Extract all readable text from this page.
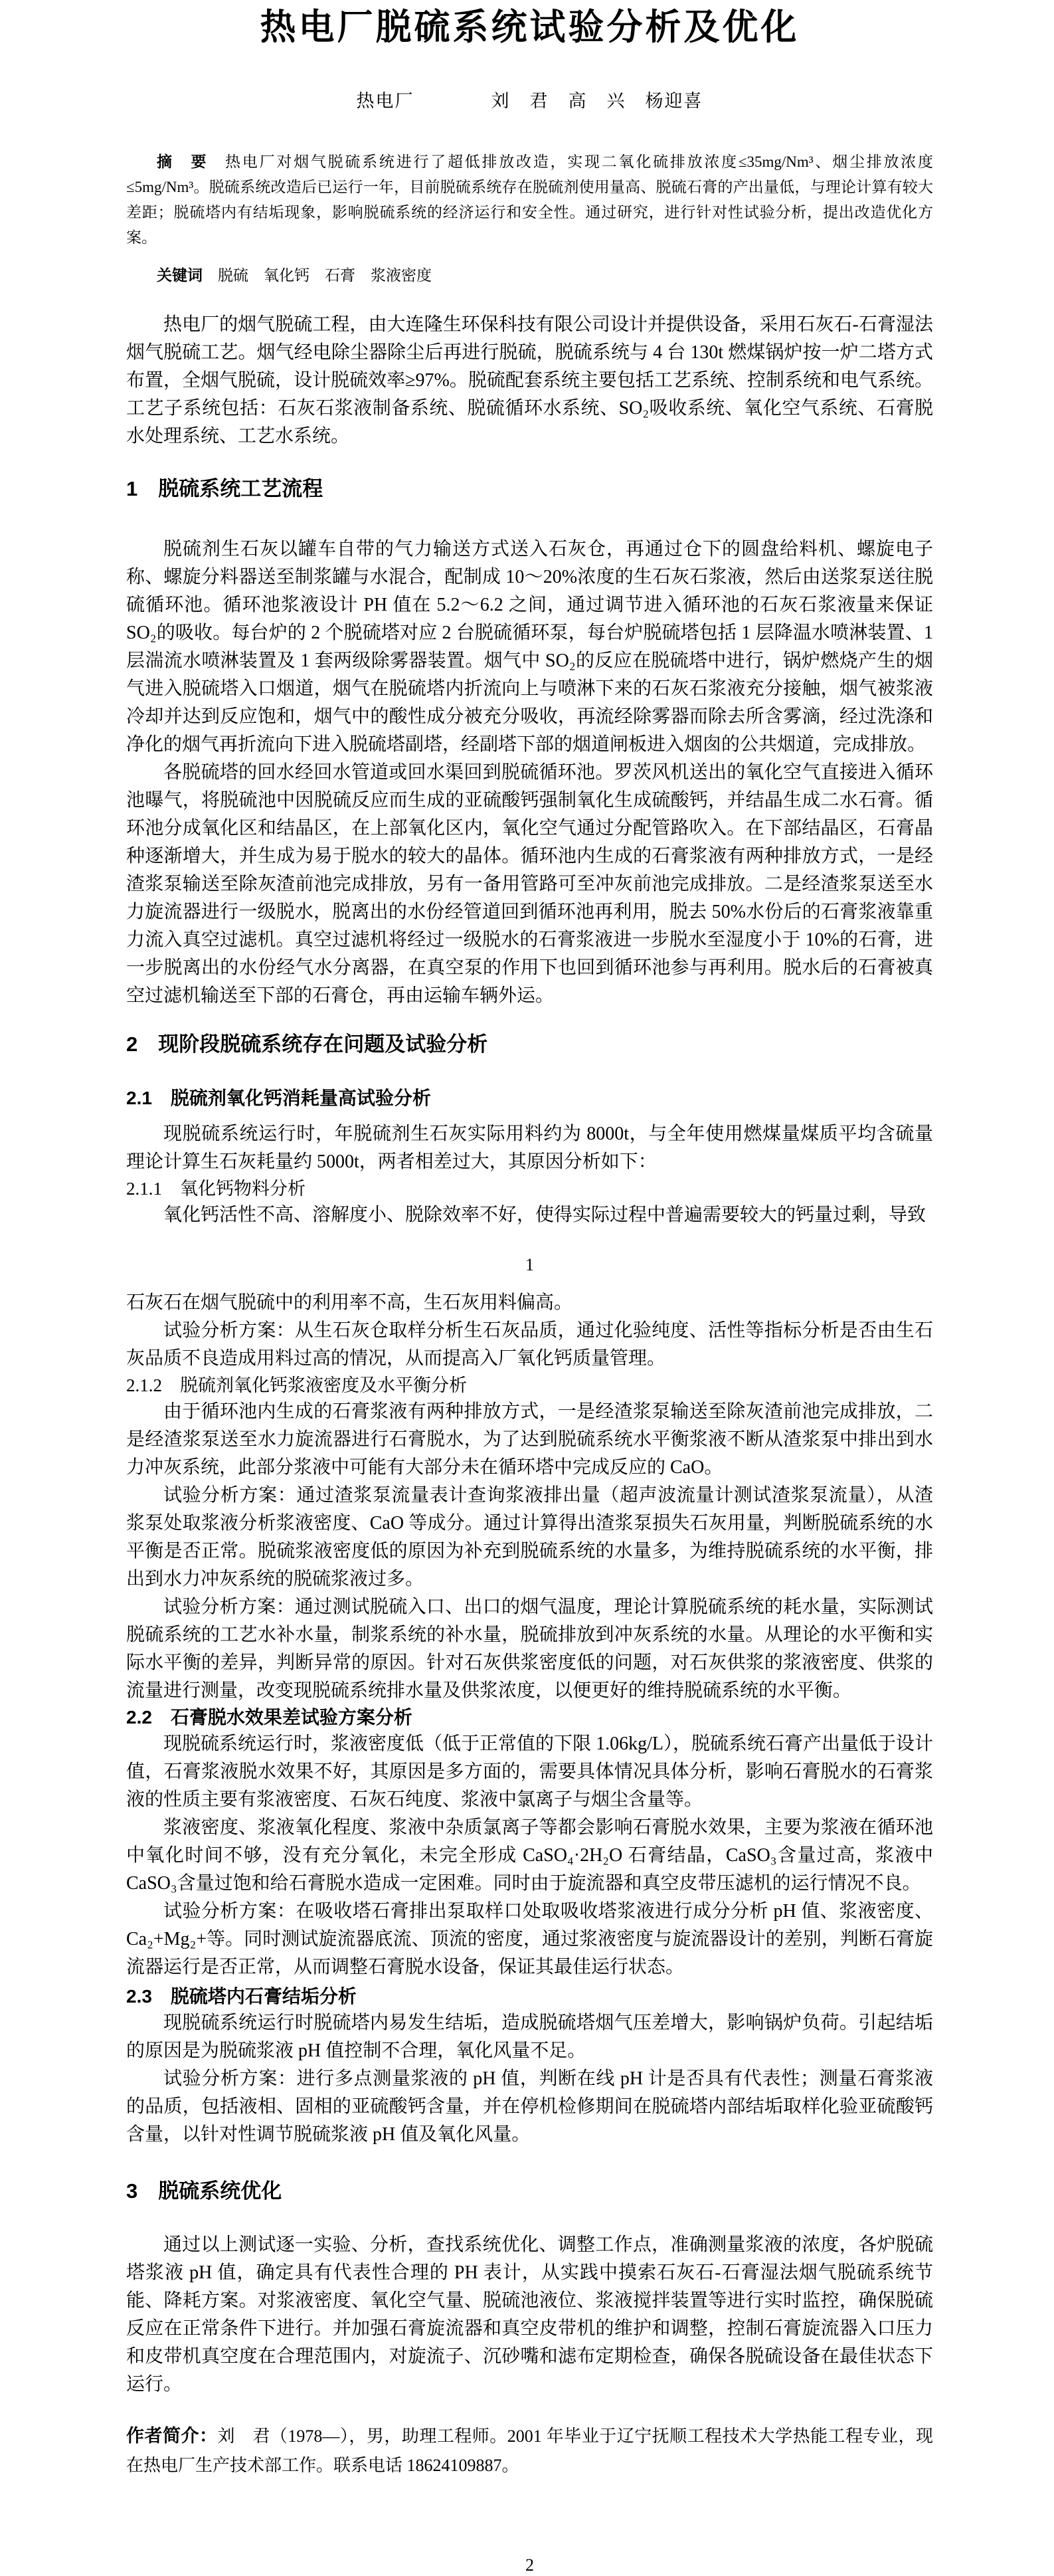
热电厂脱硫系统试验分析及优化
热电厂　　　　刘　君　高　兴　杨迎喜

摘　要　热电厂对烟气脱硫系统进行了超低排放改造，实现二氧化硫排放浓度≤35mg/Nm³、烟尘排放浓度≤5mg/Nm³。脱硫系统改造后已运行一年，目前脱硫系统存在脱硫剂使用量高、脱硫石膏的产出量低，与理论计算有较大差距；脱硫塔内有结垢现象，影响脱硫系统的经济运行和安全性。通过研究，进行针对性试验分析，提出改造优化方案。

关键词　脱硫　氧化钙　石膏　浆液密度

热电厂的烟气脱硫工程，由大连隆生环保科技有限公司设计并提供设备，采用石灰石-石膏湿法烟气脱硫工艺。烟气经电除尘器除尘后再进行脱硫，脱硫系统与 4 台 130t 燃煤锅炉按一炉二塔方式布置，全烟气脱硫，设计脱硫效率≥97%。脱硫配套系统主要包括工艺系统、控制系统和电气系统。工艺子系统包括：石灰石浆液制备系统、脱硫循环水系统、SO₂吸收系统、氧化空气系统、石膏脱水处理系统、工艺水系统。

1　脱硫系统工艺流程

脱硫剂生石灰以罐车自带的气力输送方式送入石灰仓，再通过仓下的圆盘给料机、螺旋电子称、螺旋分料器送至制浆罐与水混合，配制成 10～20%浓度的生石灰石浆液，然后由送浆泵送往脱硫循环池。循环池浆液设计 PH 值在 5.2～6.2 之间，通过调节进入循环池的石灰石浆液量来保证 SO₂的吸收。每台炉的 2 个脱硫塔对应 2 台脱硫循环泵，每台炉脱硫塔包括 1 层降温水喷淋装置、1 层湍流水喷淋装置及 1 套两级除雾器装置。烟气中 SO₂的反应在脱硫塔中进行，锅炉燃烧产生的烟气进入脱硫塔入口烟道，烟气在脱硫塔内折流向上与喷淋下来的石灰石浆液充分接触，烟气被浆液冷却并达到反应饱和，烟气中的酸性成分被充分吸收，再流经除雾器而除去所含雾滴，经过洗涤和净化的烟气再折流向下进入脱硫塔副塔，经副塔下部的烟道闸板进入烟囱的公共烟道，完成排放。

各脱硫塔的回水经回水管道或回水渠回到脱硫循环池。罗茨风机送出的氧化空气直接进入循环池曝气，将脱硫池中因脱硫反应而生成的亚硫酸钙强制氧化生成硫酸钙，并结晶生成二水石膏。循环池分成氧化区和结晶区，在上部氧化区内，氧化空气通过分配管路吹入。在下部结晶区，石膏晶种逐渐增大，并生成为易于脱水的较大的晶体。循环池内生成的石膏浆液有两种排放方式，一是经渣浆泵输送至除灰渣前池完成排放，另有一备用管路可至冲灰前池完成排放。二是经渣浆泵送至水力旋流器进行一级脱水，脱离出的水份经管道回到循环池再利用，脱去 50%水份后的石膏浆液靠重力流入真空过滤机。真空过滤机将经过一级脱水的石膏浆液进一步脱水至湿度小于 10%的石膏，进一步脱离出的水份经气水分离器，在真空泵的作用下也回到循环池参与再利用。脱水后的石膏被真空过滤机输送至下部的石膏仓，再由运输车辆外运。

2　现阶段脱硫系统存在问题及试验分析
2.1　脱硫剂氧化钙消耗量高试验分析

现脱硫系统运行时，年脱硫剂生石灰实际用料约为 8000t，与全年使用燃煤量煤质平均含硫量理论计算生石灰耗量约 5000t，两者相差过大，其原因分析如下：

2.1.1　氧化钙物料分析

氧化钙活性不高、溶解度小、脱除效率不好，使得实际过程中普遍需要较大的钙量过剩，导致

1

石灰石在烟气脱硫中的利用率不高，生石灰用料偏高。

试验分析方案：从生石灰仓取样分析生石灰品质，通过化验纯度、活性等指标分析是否由生石灰品质不良造成用料过高的情况，从而提高入厂氧化钙质量管理。

2.1.2　脱硫剂氧化钙浆液密度及水平衡分析

由于循环池内生成的石膏浆液有两种排放方式，一是经渣浆泵输送至除灰渣前池完成排放，二是经渣浆泵送至水力旋流器进行石膏脱水，为了达到脱硫系统水平衡浆液不断从渣浆泵中排出到水力冲灰系统，此部分浆液中可能有大部分未在循环塔中完成反应的 CaO。

试验分析方案：通过渣浆泵流量表计查询浆液排出量（超声波流量计测试渣浆泵流量），从渣浆泵处取浆液分析浆液密度、CaO 等成分。通过计算得出渣浆泵损失石灰用量，判断脱硫系统的水平衡是否正常。脱硫浆液密度低的原因为补充到脱硫系统的水量多，为维持脱硫系统的水平衡，排出到水力冲灰系统的脱硫浆液过多。

试验分析方案：通过测试脱硫入口、出口的烟气温度，理论计算脱硫系统的耗水量，实际测试脱硫系统的工艺水补水量，制浆系统的补水量，脱硫排放到冲灰系统的水量。从理论的水平衡和实际水平衡的差异，判断异常的原因。针对石灰供浆密度低的问题，对石灰供浆的浆液密度、供浆的流量进行测量，改变现脱硫系统排水量及供浆浓度，以便更好的维持脱硫系统的水平衡。

2.2　石膏脱水效果差试验方案分析

现脱硫系统运行时，浆液密度低（低于正常值的下限 1.06kg/L），脱硫系统石膏产出量低于设计值，石膏浆液脱水效果不好，其原因是多方面的，需要具体情况具体分析，影响石膏脱水的石膏浆液的性质主要有浆液密度、石灰石纯度、浆液中氯离子与烟尘含量等。

浆液密度、浆液氧化程度、浆液中杂质氯离子等都会影响石膏脱水效果，主要为浆液在循环池中氧化时间不够，没有充分氧化，未完全形成 CaSO₄·2H₂O 石膏结晶，CaSO₃含量过高，浆液中 CaSO₃含量过饱和给石膏脱水造成一定困难。同时由于旋流器和真空皮带压滤机的运行情况不良。

试验分析方案：在吸收塔石膏排出泵取样口处取吸收塔浆液进行成分分析 pH 值、浆液密度、Ca₂+Mg₂+等。同时测试旋流器底流、顶流的密度，通过浆液密度与旋流器设计的差别，判断石膏旋流器运行是否正常，从而调整石膏脱水设备，保证其最佳运行状态。

2.3　脱硫塔内石膏结垢分析

现脱硫系统运行时脱硫塔内易发生结垢，造成脱硫塔烟气压差增大，影响锅炉负荷。引起结垢的原因是为脱硫浆液 pH 值控制不合理，氧化风量不足。

试验分析方案：进行多点测量浆液的 pH 值，判断在线 pH 计是否具有代表性；测量石膏浆液的品质，包括液相、固相的亚硫酸钙含量，并在停机检修期间在脱硫塔内部结垢取样化验亚硫酸钙含量，以针对性调节脱硫浆液 pH 值及氧化风量。

3　脱硫系统优化

通过以上测试逐一实验、分析，查找系统优化、调整工作点，准确测量浆液的浓度，各炉脱硫塔浆液 pH 值，确定具有代表性合理的 PH 表计，从实践中摸索石灰石-石膏湿法烟气脱硫系统节能、降耗方案。对浆液密度、氧化空气量、脱硫池液位、浆液搅拌装置等进行实时监控，确保脱硫反应在正常条件下进行。并加强石膏旋流器和真空皮带机的维护和调整，控制石膏旋流器入口压力和皮带机真空度在合理范围内，对旋流子、沉砂嘴和滤布定期检查，确保各脱硫设备在最佳状态下运行。

作者简介：刘　君（1978—），男，助理工程师。2001 年毕业于辽宁抚顺工程技术大学热能工程专业，现在热电厂生产技术部工作。联系电话 18624109887。

2
